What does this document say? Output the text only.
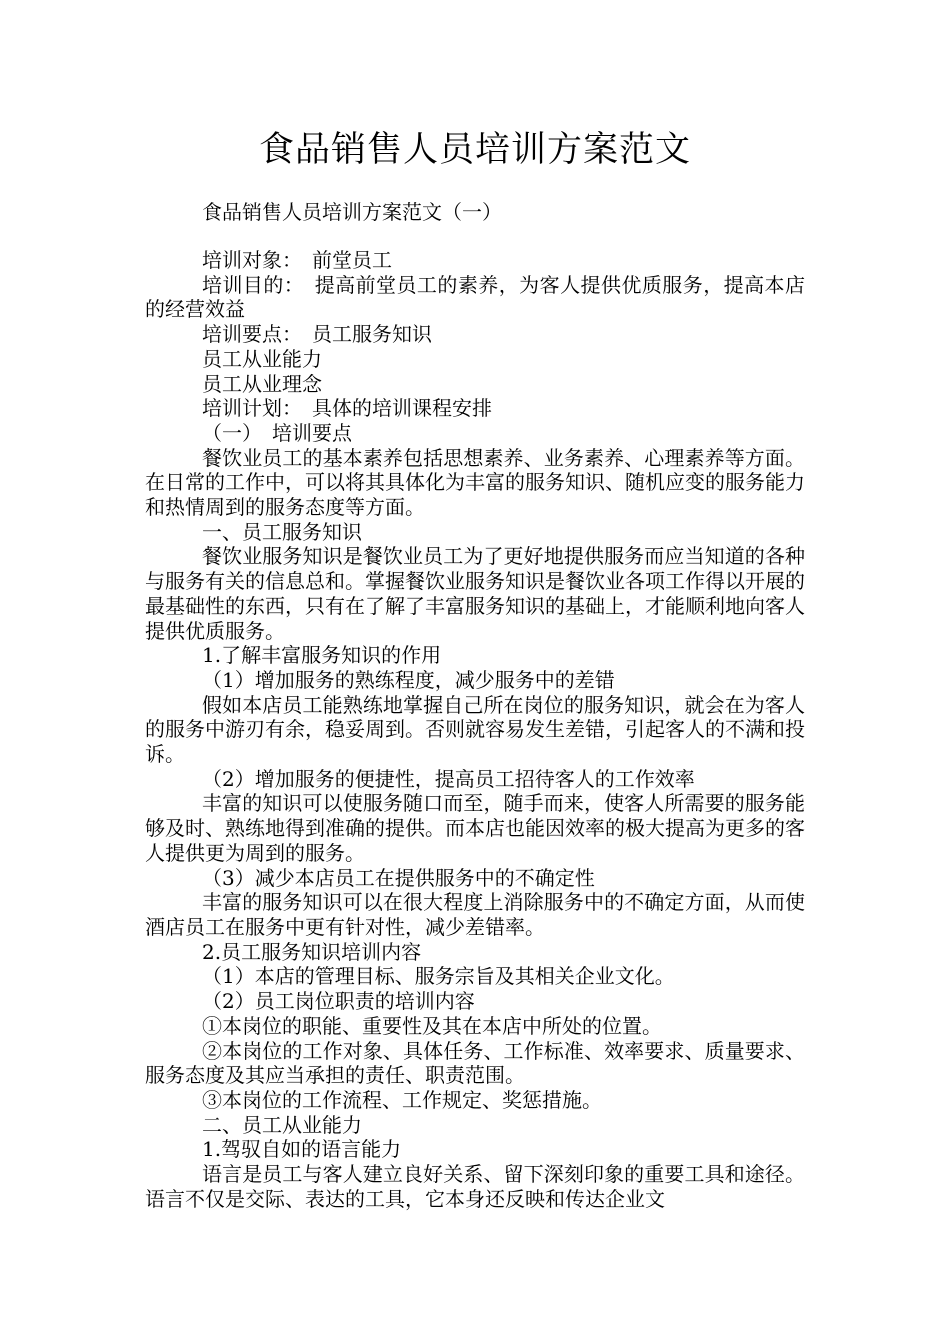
食品销售人员培训方案范文
食品销售人员培训方案范文（一）

培训对象：　前堂员工

培训目的：　提高前堂员工的素养，为客人提供优质服务，提高本店的经营效益

培训要点：　员工服务知识

员工从业能力

员工从业理念

培训计划：　具体的培训课程安排

（一）　培训要点

餐饮业员工的基本素养包括思想素养、业务素养、心理素养等方面。在日常的工作中，可以将其具体化为丰富的服务知识、随机应变的服务能力和热情周到的服务态度等方面。

一、员工服务知识

餐饮业服务知识是餐饮业员工为了更好地提供服务而应当知道的各种与服务有关的信息总和。掌握餐饮业服务知识是餐饮业各项工作得以开展的最基础性的东西，只有在了解了丰富服务知识的基础上，才能顺利地向客人提供优质服务。

1.了解丰富服务知识的作用

（1）增加服务的熟练程度，减少服务中的差错

假如本店员工能熟练地掌握自己所在岗位的服务知识，就会在为客人的服务中游刃有余，稳妥周到。否则就容易发生差错，引起客人的不满和投诉。

（2）增加服务的便捷性，提高员工招待客人的工作效率

丰富的知识可以使服务随口而至，随手而来，使客人所需要的服务能够及时、熟练地得到准确的提供。而本店也能因效率的极大提高为更多的客人提供更为周到的服务。

（3）减少本店员工在提供服务中的不确定性

丰富的服务知识可以在很大程度上消除服务中的不确定方面，从而使酒店员工在服务中更有针对性，减少差错率。

2.员工服务知识培训内容

（1）本店的管理目标、服务宗旨及其相关企业文化。

（2）员工岗位职责的培训内容

①本岗位的职能、重要性及其在本店中所处的位置。

②本岗位的工作对象、具体任务、工作标准、效率要求、质量要求、服务态度及其应当承担的责任、职责范围。

③本岗位的工作流程、工作规定、奖惩措施。

二、员工从业能力

1.驾驭自如的语言能力

语言是员工与客人建立良好关系、留下深刻印象的重要工具和途径。语言不仅是交际、表达的工具，它本身还反映和传达企业文
